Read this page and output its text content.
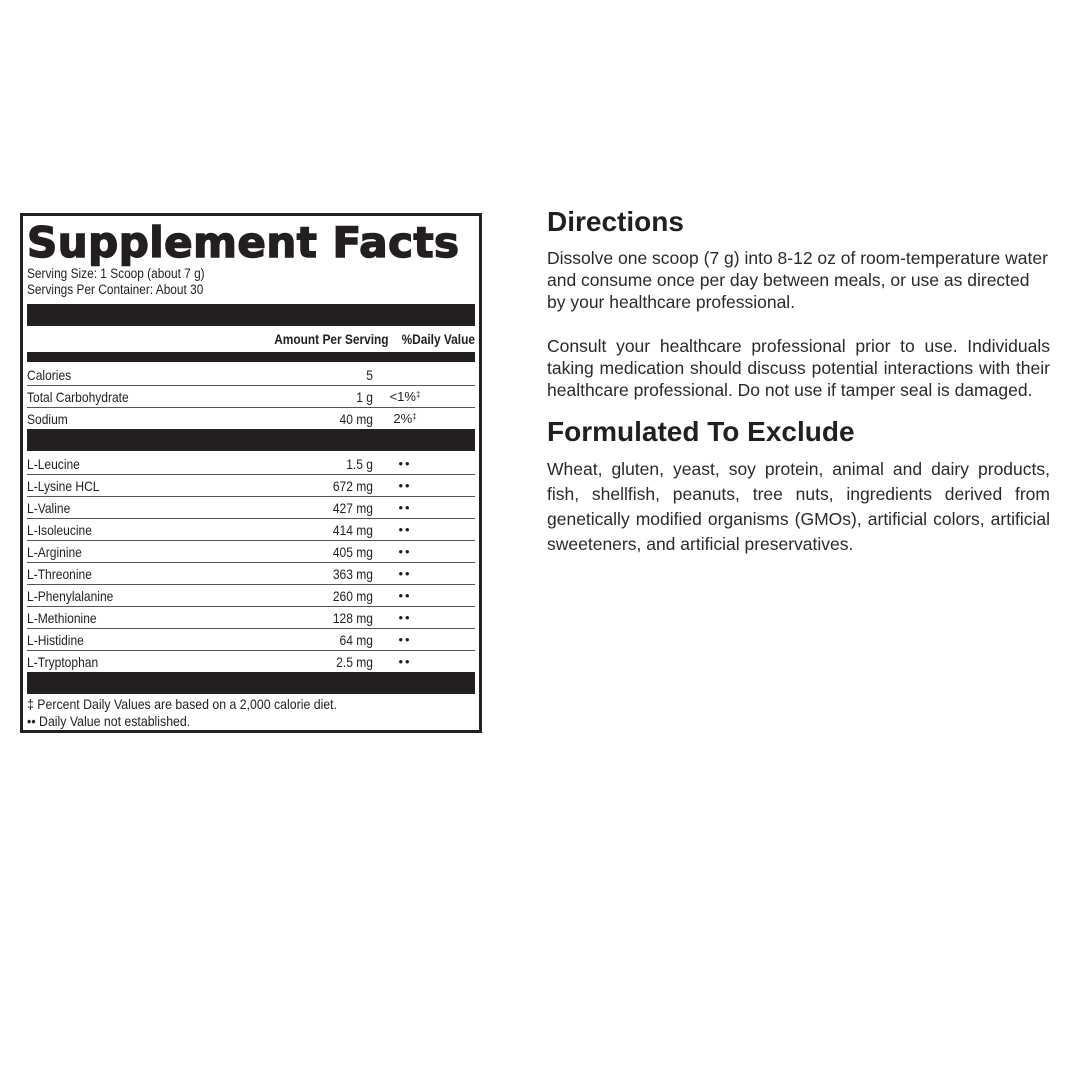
Supplement Facts
Serving Size: 1 Scoop (about 7 g)
Servings Per Container: About 30
Amount Per Serving %Daily Value
Calories	5
Total Carbohydrate	1 g	<1%‡
Sodium	40 mg	2%‡
L-Leucine	1.5 g	••
L-Lysine HCL	672 mg	••
L-Valine	427 mg	••
L-Isoleucine	414 mg	••
L-Arginine	405 mg	••
L-Threonine	363 mg	••
L-Phenylalanine	260 mg	••
L-Methionine	128 mg	••
L-Histidine	64 mg	••
L-Tryptophan	2.5 mg	••
‡ Percent Daily Values are based on a 2,000 calorie diet.
•• Daily Value not established.
Directions

Dissolve one scoop (7 g) into 8-12 oz of room-temperature water and consume once per day between meals, or use as directed by your healthcare professional.

Consult your healthcare professional prior to use. Individuals taking medication should discuss potential interactions with their healthcare professional. Do not use if tamper seal is damaged.

Formulated To Exclude

Wheat, gluten, yeast, soy protein, animal and dairy products, fish, shellfish, peanuts, tree nuts, ingredients derived from genetically modified organisms (GMOs), artificial colors, artificial sweeteners, and artificial preservatives.
